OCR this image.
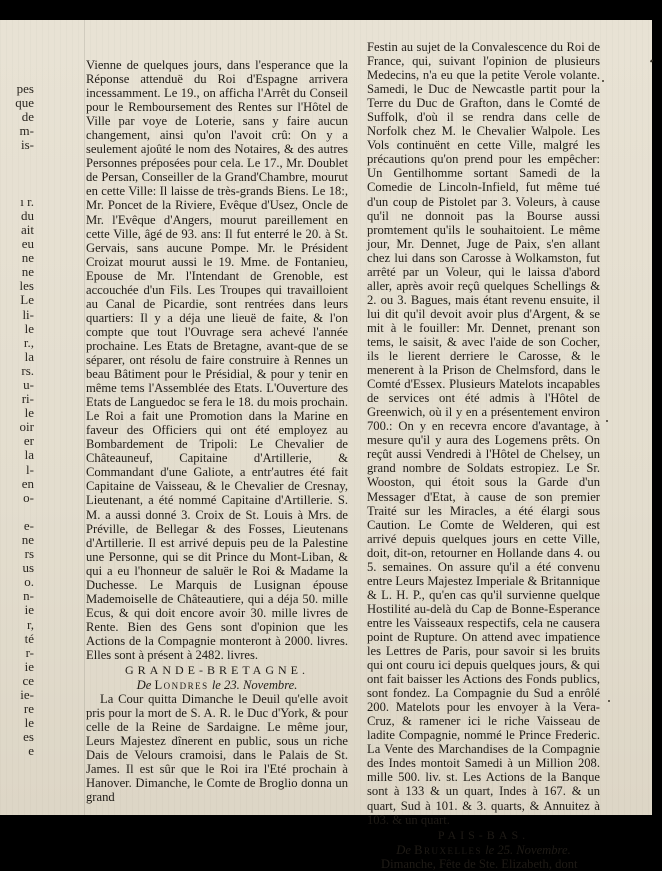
pes
que
de
m-
is-

ı r.
du
ait
eu
ne
ne
les
Le
li-
le
r.,
la
rs.
u-
ri-
le
oir
er
la
l-
en
o-

e-
ne
rs
us
o.
n-
ie
r,
té
r-
ie
ce
ie-
re
le
es
e

Vienne de quelques jours, dans l'esperance que la Réponse attenduë du Roi d'Espagne arrivera incessamment. Le 19., on afficha l'Arrêt du Conseil pour le Remboursement des Rentes sur l'Hôtel de Ville par voye de Loterie, sans y faire aucun changement, ainsi qu'on l'avoit crû: On y a seulement ajoûté le nom des Notaires, & des autres Personnes préposées pour cela. Le 17., Mr. Doublet de Persan, Conseiller de la Grand'Chambre, mourut en cette Ville: Il laisse de très-grands Biens. Le 18:, Mr. Poncet de la Riviere, Evêque d'Usez, Oncle de Mr. l'Evêque d'Angers, mourut pareillement en cette Ville, âgé de 93. ans: Il fut enterré le 20. à St. Gervais, sans aucune Pompe. Mr. le Président Croizat mourut aussi le 19. Mme. de Fontanieu, Epouse de Mr. l'Intendant de Grenoble, est accouchée d'un Fils. Les Troupes qui travailloient au Canal de Picardie, sont rentrées dans leurs quartiers: Il y a déja une lieuë de faite, & l'on compte que tout l'Ouvrage sera achevé l'année prochaine. Les Etats de Bretagne, avant-que de se séparer, ont résolu de faire construire à Rennes un beau Bâtiment pour le Présidial, & pour y tenir en même tems l'Assemblée des Etats. L'Ouverture des Etats de Languedoc se fera le 18. du mois prochain. Le Roi a fait une Promotion dans la Marine en faveur des Officiers qui ont été employez au Bombardement de Tripoli: Le Chevalier de Châteauneuf, Capitaine d'Artillerie, & Commandant d'une Galiote, a entr'autres été fait Capitaine de Vaisseau, & le Chevalier de Cresnay, Lieutenant, a été nommé Capitaine d'Artillerie. S. M. a aussi donné 3. Croix de St. Louis à Mrs. de Préville, de Bellegar & des Fosses, Lieutenans d'Artillerie. Il est arrivé depuis peu de la Palestine une Personne, qui se dit Prince du Mont-Liban, & qui a eu l'honneur de saluër le Roi & Madame la Duchesse. Le Marquis de Lusignan épouse Mademoiselle de Châteautiere, qui a déja 50. mille Ecus, & qui doit encore avoir 30. mille livres de Rente. Bien des Gens sont d'opinion que les Actions de la Compagnie monteront à 2000. livres. Elles sont à présent à 2482. livres.

GRANDE-BRETAGNE.

De Londres le 23. Novembre.

La Cour quitta Dimanche le Deuil qu'elle avoit pris pour la mort de S. A. R. le Duc d'York, & pour celle de la Reine de Sardaigne. Le même jour, Leurs Majestez dînerent en public, sous un riche Dais de Velours cramoisi, dans le Palais de St. James. Il est sûr que le Roi ira l'Eté prochain à Hanover. Dimanche, le Comte de Broglio donna un grand

Festin au sujet de la Convalescence du Roi de France, qui, suivant l'opinion de plusieurs Medecins, n'a eu que la petite Verole volante. Samedi, le Duc de Newcastle partit pour la Terre du Duc de Grafton, dans le Comté de Suffolk, d'où il se rendra dans celle de Norfolk chez M. le Chevalier Walpole. Les Vols continuënt en cette Ville, malgré les précautions qu'on prend pour les empêcher: Un Gentilhomme sortant Samedi de la Comedie de Lincoln-Infield, fut même tué d'un coup de Pistolet par 3. Voleurs, à cause qu'il ne donnoit pas la Bourse aussi promtement qu'ils le souhaitoient. Le même jour, Mr. Dennet, Juge de Paix, s'en allant chez lui dans son Carosse à Wolkamston, fut arrêté par un Voleur, qui le laissa d'abord aller, après avoir reçû quelques Schellings & 2. ou 3. Bagues, mais étant revenu ensuite, il lui dit qu'il devoit avoir plus d'Argent, & se mit à le fouiller: Mr. Dennet, prenant son tems, le saisit, & avec l'aide de son Cocher, ils le lierent derriere le Carosse, & le menerent à la Prison de Chelmsford, dans le Comté d'Essex. Plusieurs Matelots incapables de services ont été admis à l'Hôtel de Greenwich, où il y en a présentement environ 700.: On y en recevra encore d'avantage, à mesure qu'il y aura des Logemens prêts. On reçût aussi Vendredi à l'Hôtel de Chelsey, un grand nombre de Soldats estropiez. Le Sr. Wooston, qui étoit sous la Garde d'un Messager d'Etat, à cause de son premier Traité sur les Miracles, a été élargi sous Caution. Le Comte de Welderen, qui est arrivé depuis quelques jours en cette Ville, doit, dit-on, retourner en Hollande dans 4. ou 5. semaines. On assure qu'il a été convenu entre Leurs Majestez Imperiale & Britannique & L. H. P., qu'en cas qu'il survienne quelque Hostilité au-delà du Cap de Bonne-Esperance entre les Vaisseaux respectifs, cela ne causera point de Rupture. On attend avec impatience les Lettres de Paris, pour savoir si les bruits qui ont couru ici depuis quelques jours, & qui ont fait baisser les Actions des Fonds publics, sont fondez. La Compagnie du Sud a enrôlé 200. Matelots pour les envoyer à la Vera-Cruz, & ramener ici le riche Vaisseau de ladite Compagnie, nommé le Prince Frederic. La Vente des Marchandises de la Compagnie des Indes montoit Samedi à un Million 208. mille 500. liv. st. Les Actions de la Banque sont à 133 & un quart, Indes à 167. & un quart, Sud à 101. & 3. quarts, & Annuitez à 103. & un quart.

PAIS-BAS.

De Bruxelles le 25. Novembre.

Dimanche, Fête de Ste. Elizabeth, dont
